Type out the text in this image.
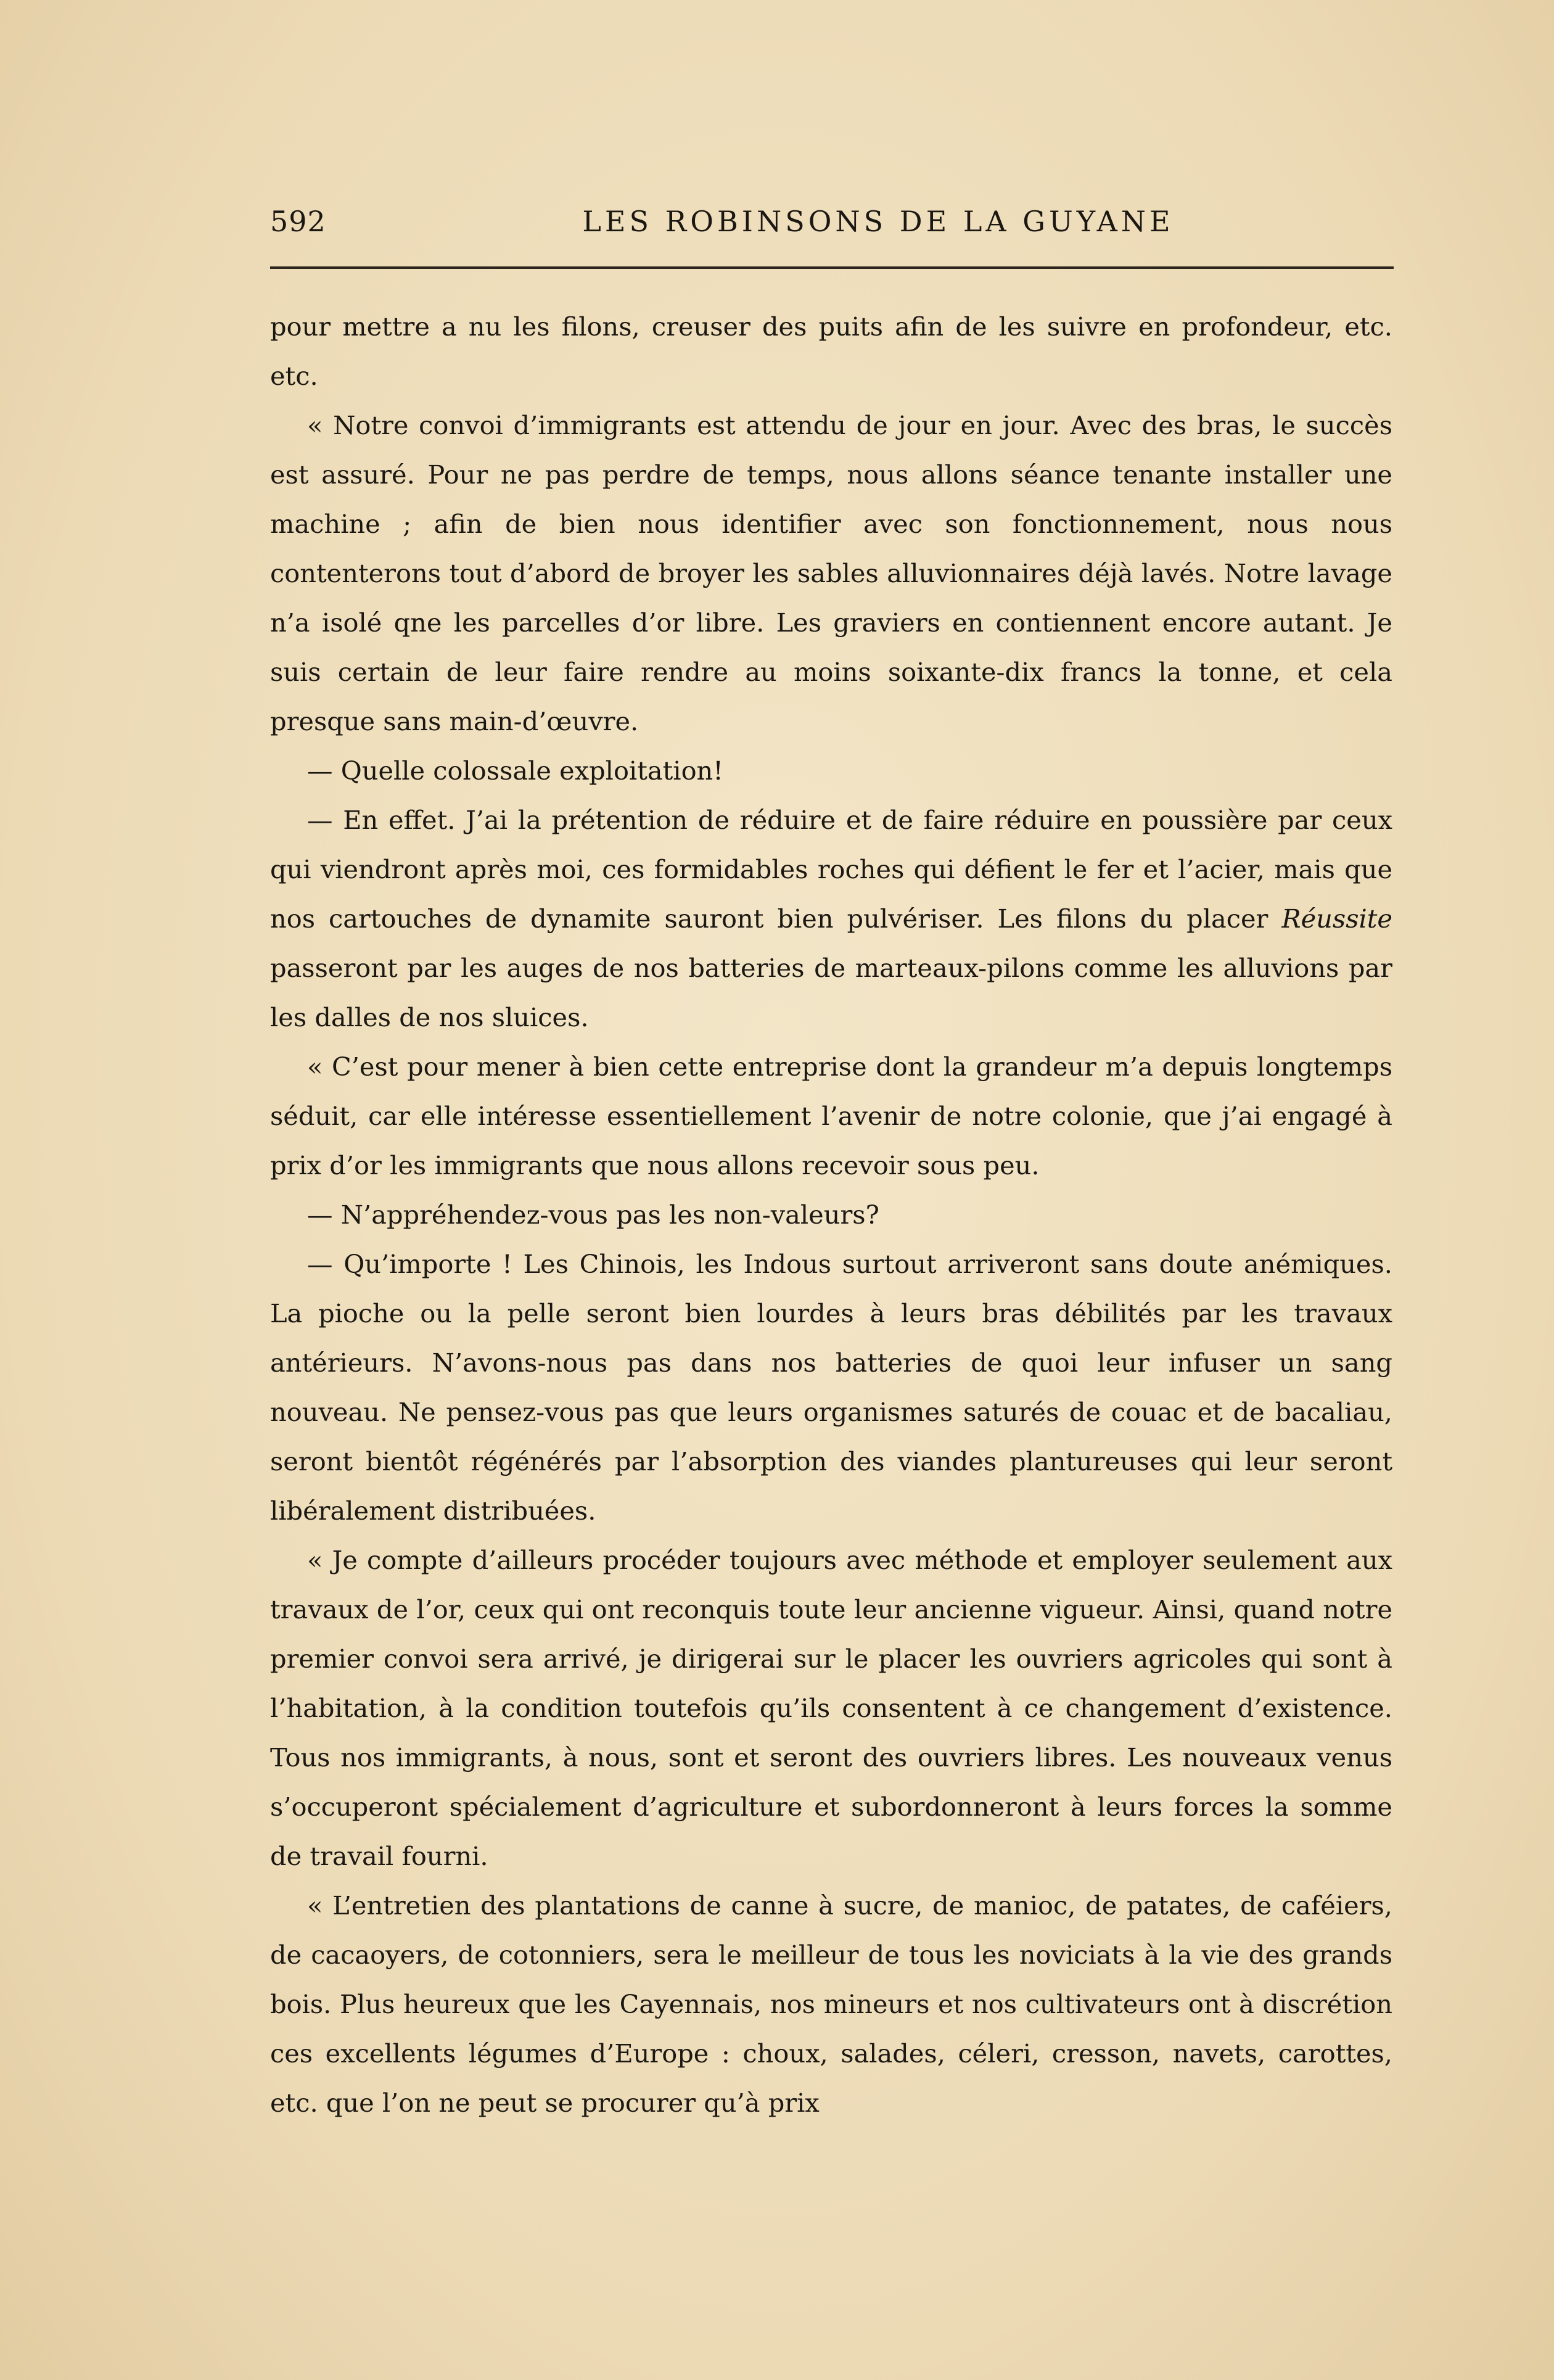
592	LES ROBINSONS DE LA GUYANE

pour mettre a nu les filons, creuser des puits afin de les suivre en profondeur, etc. etc.

« Notre convoi d’immigrants est attendu de jour en jour. Avec des bras, le succès est assuré. Pour ne pas perdre de temps, nous allons séance tenante installer une machine ; afin de bien nous identifier avec son fonctionnement, nous nous contenterons tout d’abord de broyer les sables alluvionnaires déjà lavés. Notre lavage n’a isolé qne les parcelles d’or libre. Les graviers en contiennent encore autant. Je suis certain de leur faire rendre au moins soixante-dix francs la tonne, et cela presque sans main-d’œuvre.

— Quelle colossale exploitation!

— En effet. J’ai la prétention de réduire et de faire réduire en poussière par ceux qui viendront après moi, ces formidables roches qui défient le fer et l’acier, mais que nos cartouches de dynamite sauront bien pulvériser. Les filons du placer Réussite passeront par les auges de nos batteries de marteaux-pilons comme les alluvions par les dalles de nos sluices.

« C’est pour mener à bien cette entreprise dont la grandeur m’a depuis longtemps séduit, car elle intéresse essentiellement l’avenir de notre colonie, que j’ai engagé à prix d’or les immigrants que nous allons recevoir sous peu.

— N’appréhendez-vous pas les non-valeurs?

— Qu’importe ! Les Chinois, les Indous surtout arriveront sans doute anémiques. La pioche ou la pelle seront bien lourdes à leurs bras débilités par les travaux antérieurs. N’avons-nous pas dans nos batteries de quoi leur infuser un sang nouveau. Ne pensez-vous pas que leurs organismes saturés de couac et de bacaliau, seront bientôt régénérés par l’absorption des viandes plantureuses qui leur seront libéralement distribuées.

« Je compte d’ailleurs procéder toujours avec méthode et employer seulement aux travaux de l’or, ceux qui ont reconquis toute leur ancienne vigueur. Ainsi, quand notre premier convoi sera arrivé, je dirigerai sur le placer les ouvriers agricoles qui sont à l’habitation, à la condition toutefois qu’ils consentent à ce changement d’existence. Tous nos immigrants, à nous, sont et seront des ouvriers libres. Les nouveaux venus s’occuperont spécialement d’agriculture et subordonneront à leurs forces la somme de travail fourni.

« L’entretien des plantations de canne à sucre, de manioc, de patates, de caféiers, de cacaoyers, de cotonniers, sera le meilleur de tous les noviciats à la vie des grands bois. Plus heureux que les Cayennais, nos mineurs et nos cultivateurs ont à discrétion ces excellents légumes d’Europe : choux, salades, céleri, cresson, navets, carottes, etc. que l’on ne peut se procurer qu’à prix
